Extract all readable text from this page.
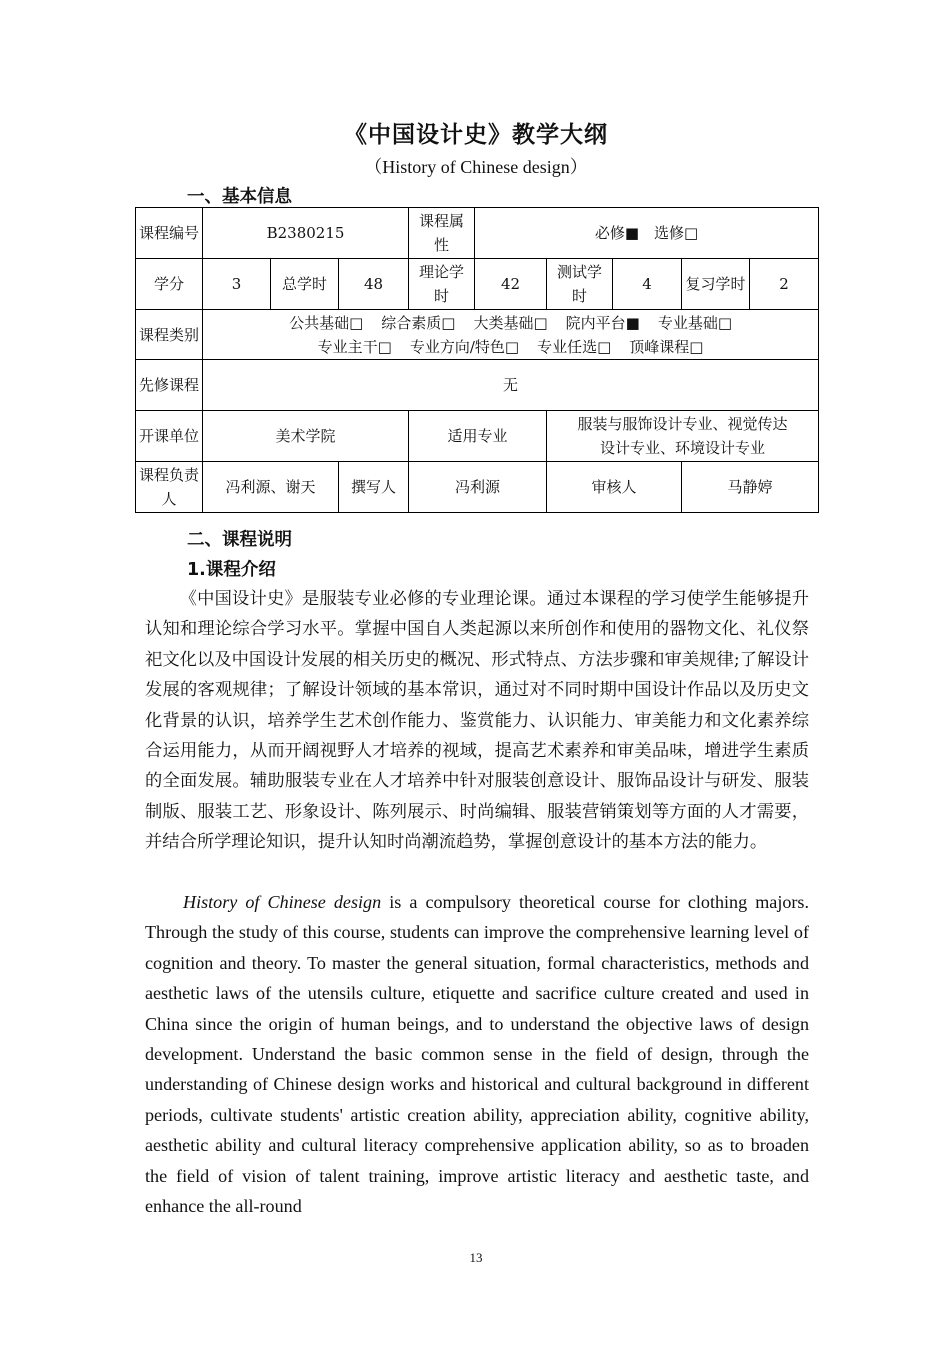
《中国设计史》教学大纲
（History of Chinese design）
一、基本信息
课程编号	B2380215			课程属性	必修■　选修□				
学分	3	总学时	48	理论学时	42	测试学时	4	复习学时	2
课程类别	公共基础□ 综合素质□ 大类基础□ 院内平台■ 专业基础□
专业主干□ 专业方向/特色□ 专业任选□ 顶峰课程□								

先修课程	无								
开课单位	美术学院			适用专业		服装与服饰设计专业、视觉传达设计专业、环境设计专业			
课程负责人	冯利源、谢天		撰写人	冯利源		审核人		马静婷	
二、课程说明
1.课程介绍

《中国设计史》是服装专业必修的专业理论课。通过本课程的学习使学生能够提升认知和理论综合学习水平。掌握中国自人类起源以来所创作和使用的器物文化、礼仪祭祀文化以及中国设计发展的相关历史的概况、形式特点、方法步骤和审美规律;了解设计发展的客观规律；了解设计领域的基本常识，通过对不同时期中国设计作品以及历史文化背景的认识，培养学生艺术创作能力、鉴赏能力、认识能力、审美能力和文化素养综合运用能力，从而开阔视野人才培养的视域，提高艺术素养和审美品味，增进学生素质的全面发展。辅助服装专业在人才培养中针对服装创意设计、服饰品设计与研发、服装制版、服装工艺、形象设计、陈列展示、时尚编辑、服装营销策划等方面的人才需要，并结合所学理论知识，提升认知时尚潮流趋势，掌握创意设计的基本方法的能力。

History of Chinese design is a compulsory theoretical course for clothing majors. Through the study of this course, students can improve the comprehensive learning level of cognition and theory. To master the general situation, formal characteristics, methods and aesthetic laws of the utensils culture, etiquette and sacrifice culture created and used in China since the origin of human beings, and to understand the objective laws of design development. Understand the basic common sense in the field of design, through the understanding of Chinese design works and historical and cultural background in different periods, cultivate students' artistic creation ability, appreciation ability, cognitive ability, aesthetic ability and cultural literacy comprehensive application ability, so as to broaden the field of vision of talent training, improve artistic literacy and aesthetic taste, and enhance the all-round

13
